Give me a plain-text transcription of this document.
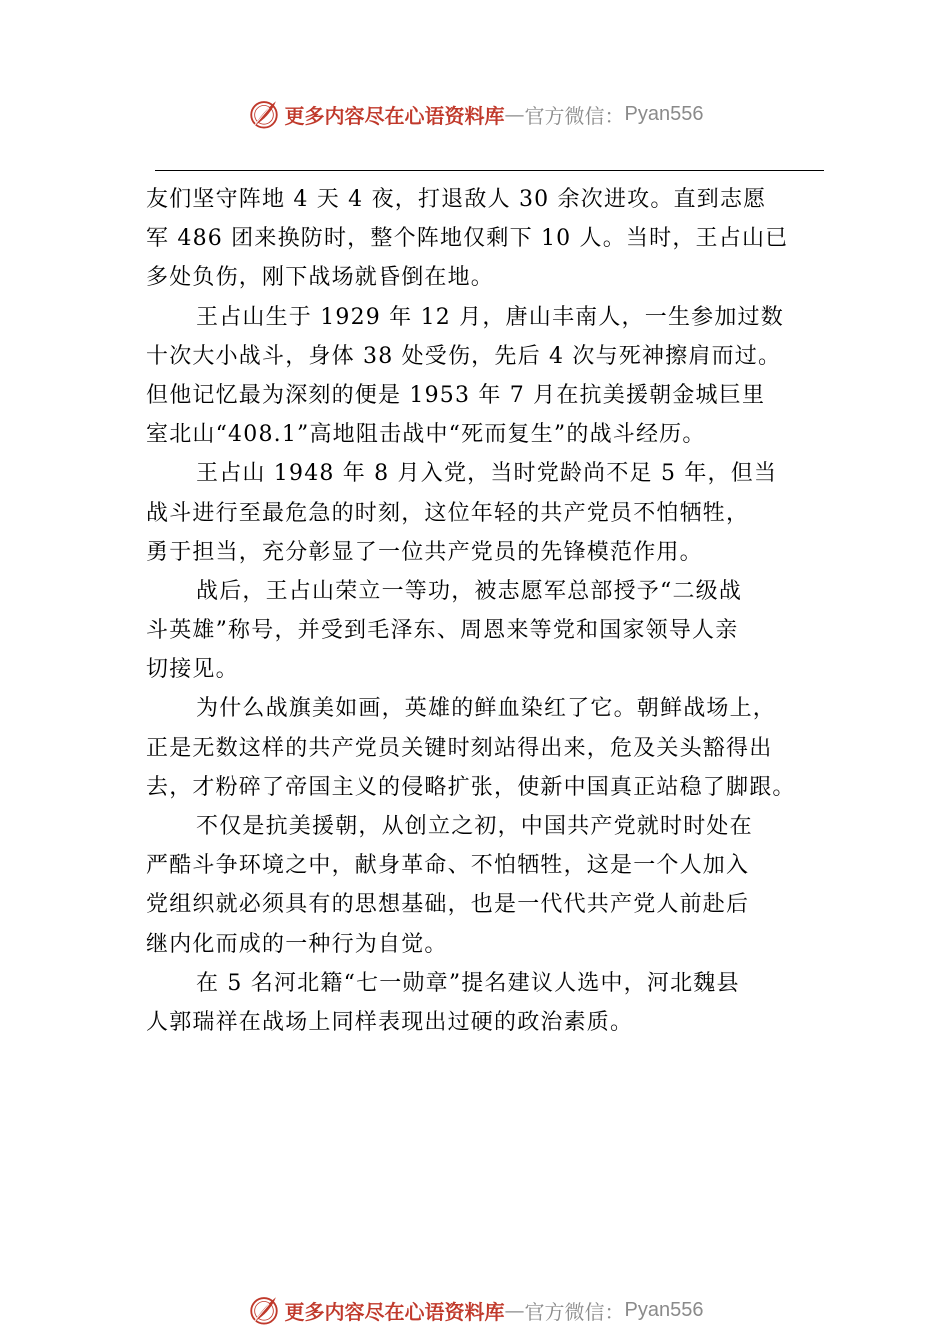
更多内容尽在心语资料库 — 官方微信： Pyan556
友们坚守阵地 4 天 4 夜，打退敌人 30 余次进攻。直到志愿
军 486 团来换防时，整个阵地仅剩下 10 人。当时，王占山已
多处负伤，刚下战场就昏倒在地。
王占山生于 1929 年 12 月，唐山丰南人，一生参加过数
十次大小战斗，身体 38 处受伤，先后 4 次与死神擦肩而过。
但他记忆最为深刻的便是 1953 年 7 月在抗美援朝金城巨里
室北山“408.1”高地阻击战中“死而复生”的战斗经历。
王占山 1948 年 8 月入党，当时党龄尚不足 5 年，但当
战斗进行至最危急的时刻，这位年轻的共产党员不怕牺牲，
勇于担当，充分彰显了一位共产党员的先锋模范作用。
战后，王占山荣立一等功，被志愿军总部授予“二级战
斗英雄”称号，并受到毛泽东、周恩来等党和国家领导人亲
切接见。
为什么战旗美如画，英雄的鲜血染红了它。朝鲜战场上，
正是无数这样的共产党员关键时刻站得出来，危及关头豁得出
去，才粉碎了帝国主义的侵略扩张，使新中国真正站稳了脚跟。
不仅是抗美援朝，从创立之初，中国共产党就时时处在
严酷斗争环境之中，献身革命、不怕牺牲，这是一个人加入
党组织就必须具有的思想基础，也是一代代共产党人前赴后
继内化而成的一种行为自觉。
在 5 名河北籍“七一勋章”提名建议人选中，河北魏县
人郭瑞祥在战场上同样表现出过硬的政治素质。
更多内容尽在心语资料库 — 官方微信： Pyan556
